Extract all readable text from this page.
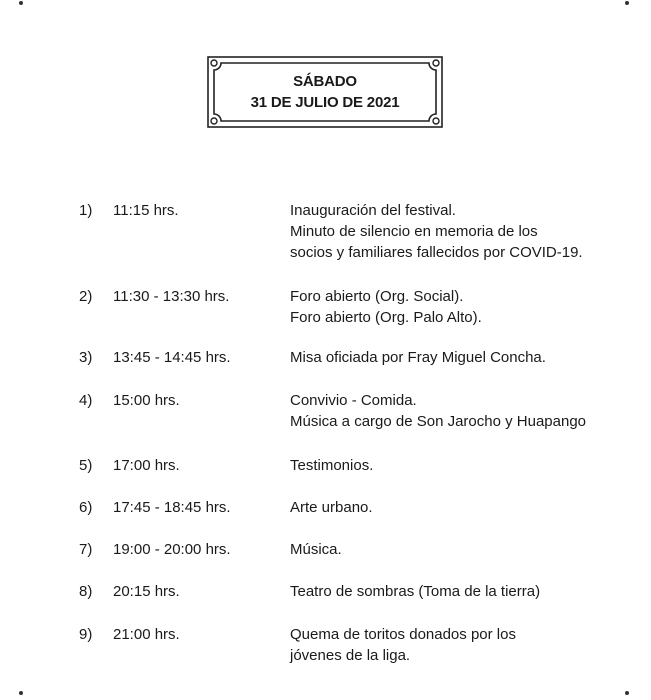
SÁBADO
31 DE JULIO DE 2021
1)	11:15 hrs.	Inauguración del festival.
Minuto de silencio en memoria de los
socios y familiares fallecidos por COVID-19.
2)	11:30 - 13:30 hrs.	Foro abierto (Org. Social).
Foro abierto (Org. Palo Alto).
3)	13:45 - 14:45 hrs.	Misa oficiada por Fray Miguel Concha.
4)	15:00 hrs.	Convivio - Comida.
Música a cargo de Son Jarocho y Huapango
5)	17:00 hrs.	Testimonios.
6)	17:45 - 18:45 hrs.	Arte urbano.
7)	19:00 - 20:00 hrs.	Música.
8)	20:15 hrs.	Teatro de sombras (Toma de la tierra)
9)	21:00 hrs.	Quema de toritos donados por los
jóvenes de la liga.
